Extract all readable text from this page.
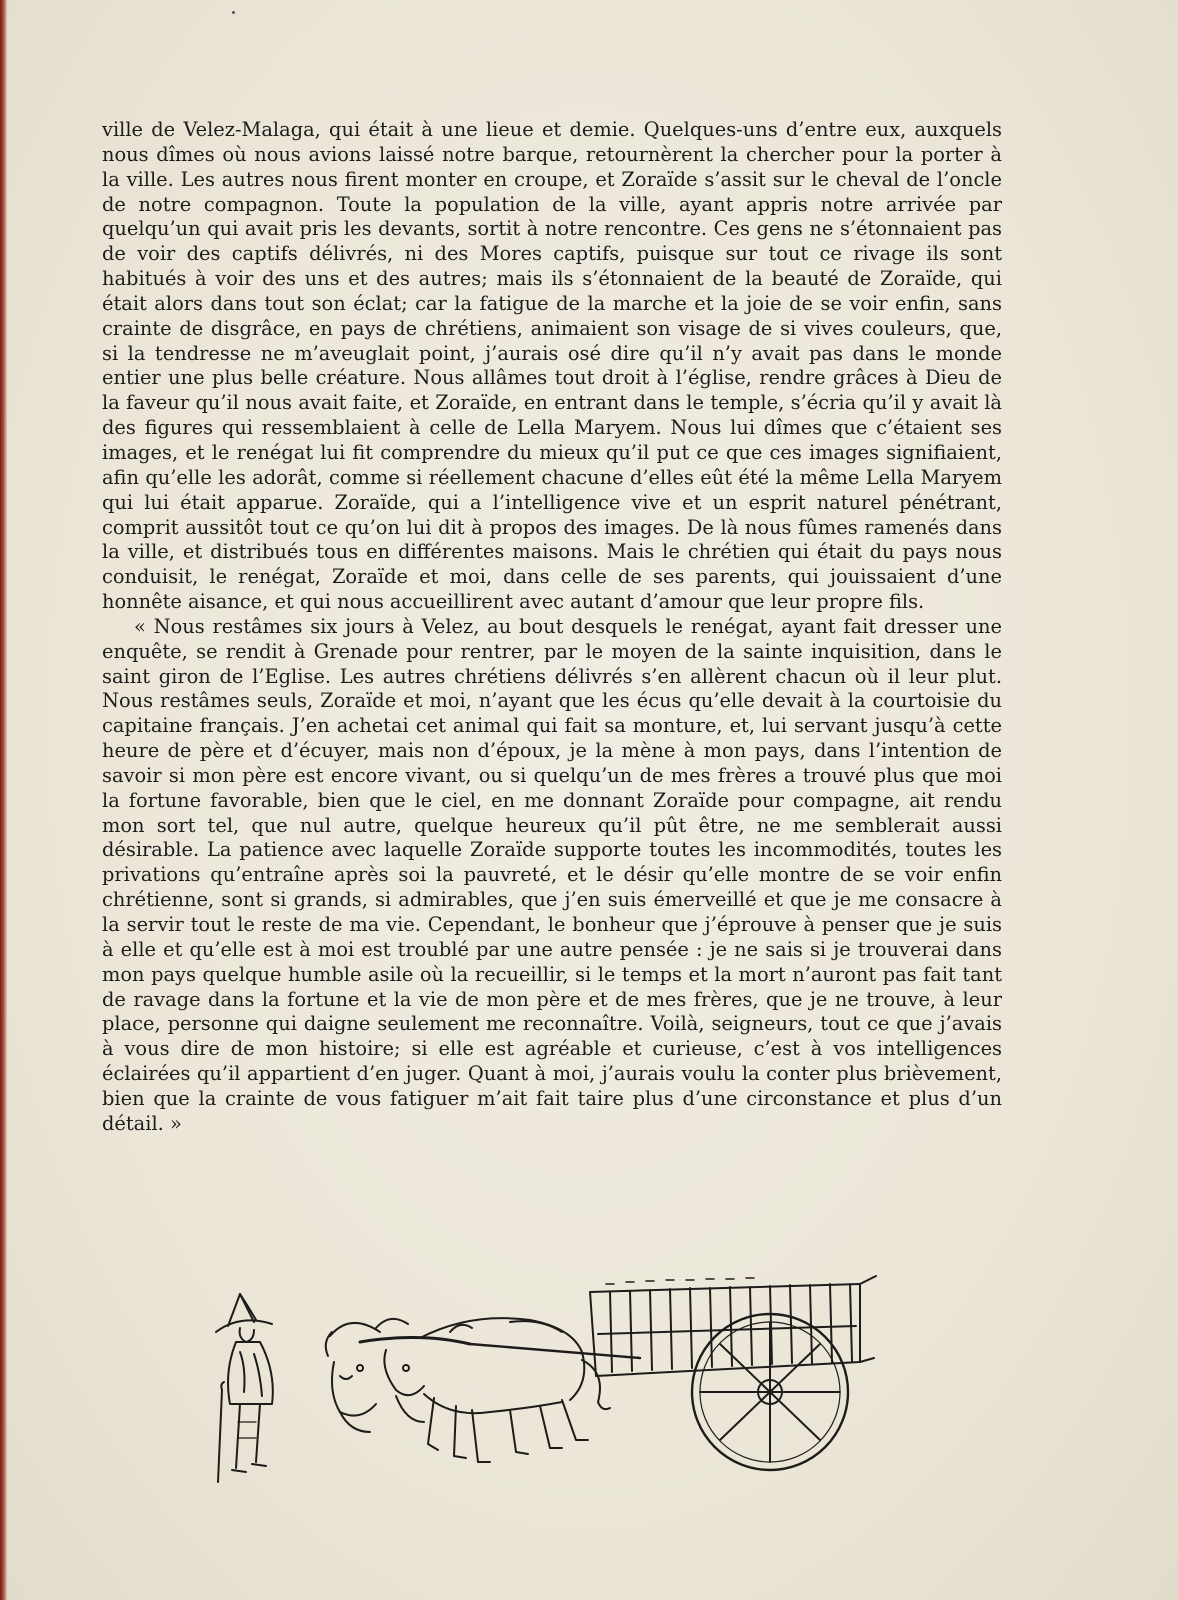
ville de Velez-Malaga, qui était à une lieue et demie. Quelques-uns d’entre eux, auxquels nous dîmes où nous avions laissé notre barque, retournèrent la chercher pour la porter à la ville. Les autres nous firent monter en croupe, et Zoraïde s’assit sur le cheval de l’oncle de notre compagnon. Toute la population de la ville, ayant appris notre arrivée par quelqu’un qui avait pris les devants, sortit à notre rencontre. Ces gens ne s’étonnaient pas de voir des captifs délivrés, ni des Mores captifs, puisque sur tout ce rivage ils sont habitués à voir des uns et des autres; mais ils s’étonnaient de la beauté de Zoraïde, qui était alors dans tout son éclat; car la fatigue de la marche et la joie de se voir enfin, sans crainte de disgrâce, en pays de chrétiens, animaient son visage de si vives couleurs, que, si la tendresse ne m’aveuglait point, j’aurais osé dire qu’il n’y avait pas dans le monde entier une plus belle créature. Nous allâmes tout droit à l’église, rendre grâces à Dieu de la faveur qu’il nous avait faite, et Zoraïde, en entrant dans le temple, s’écria qu’il y avait là des figures qui ressemblaient à celle de Lella Maryem. Nous lui dîmes que c’étaient ses images, et le renégat lui fit comprendre du mieux qu’il put ce que ces images signifiaient, afin qu’elle les adorât, comme si réellement chacune d’elles eût été la même Lella Maryem qui lui était apparue. Zoraïde, qui a l’intelligence vive et un esprit naturel pénétrant, comprit aussitôt tout ce qu’on lui dit à propos des images. De là nous fûmes ramenés dans la ville, et distribués tous en différentes maisons. Mais le chrétien qui était du pays nous conduisit, le renégat, Zoraïde et moi, dans celle de ses parents, qui jouissaient d’une honnête aisance, et qui nous accueillirent avec autant d’amour que leur propre fils.

« Nous restâmes six jours à Velez, au bout desquels le renégat, ayant fait dresser une enquête, se rendit à Grenade pour rentrer, par le moyen de la sainte inquisition, dans le saint giron de l’Eglise. Les autres chrétiens délivrés s’en allèrent chacun où il leur plut. Nous restâmes seuls, Zoraïde et moi, n’ayant que les écus qu’elle devait à la courtoisie du capitaine français. J’en achetai cet animal qui fait sa monture, et, lui servant jusqu’à cette heure de père et d’écuyer, mais non d’époux, je la mène à mon pays, dans l’intention de savoir si mon père est encore vivant, ou si quelqu’un de mes frères a trouvé plus que moi la fortune favorable, bien que le ciel, en me donnant Zoraïde pour compagne, ait rendu mon sort tel, que nul autre, quelque heureux qu’il pût être, ne me semblerait aussi désirable. La patience avec laquelle Zoraïde supporte toutes les incommodités, toutes les privations qu’entraîne après soi la pauvreté, et le désir qu’elle montre de se voir enfin chrétienne, sont si grands, si admirables, que j’en suis émerveillé et que je me consacre à la servir tout le reste de ma vie. Cependant, le bonheur que j’éprouve à penser que je suis à elle et qu’elle est à moi est troublé par une autre pensée : je ne sais si je trouverai dans mon pays quelque humble asile où la recueillir, si le temps et la mort n’auront pas fait tant de ravage dans la fortune et la vie de mon père et de mes frères, que je ne trouve, à leur place, personne qui daigne seulement me reconnaître. Voilà, seigneurs, tout ce que j’avais à vous dire de mon histoire; si elle est agréable et curieuse, c’est à vos intelligences éclairées qu’il appartient d’en juger. Quant à moi, j’aurais voulu la conter plus brièvement, bien que la crainte de vous fatiguer m’ait fait taire plus d’une circonstance et plus d’un détail. »
